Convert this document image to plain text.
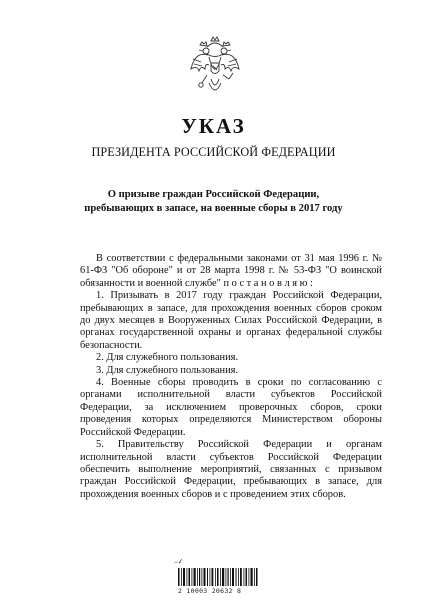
УКАЗ
ПРЕЗИДЕНТА РОССИЙСКОЙ ФЕДЕРАЦИИ
О призыве граждан Российской Федерации,
пребывающих в запасе, на военные сборы в 2017 году

В соответствии с федеральными законами от 31 мая 1996 г. № 61-ФЗ "Об обороне" и от 28 марта 1998 г. № 53-ФЗ "О воинской обязанности и военной службе" п о с т а н о в л я ю :

1. Призывать в 2017 году граждан Российской Федерации, пребывающих в запасе, для прохождения военных сборов сроком до двух месяцев в Вооруженных Силах Российской Федерации, в органах государственной охраны и органах федеральной службы безопасности.

2. Для служебного пользования.

3. Для служебного пользования.

4. Военные сборы проводить в сроки по согласованию с органами исполнительной власти субъектов Российской Федерации, за исключением проверочных сборов, сроки проведения которых определяются Министерством обороны Российской Федерации.

5. Правительству Российской Федерации и органам исполнительной власти субъектов Российской Федерации обеспечить выполнение мероприятий, связанных с призывом граждан Российской Федерации, пребывающих в запасе, для прохождения военных сборов и с проведением этих сборов.

~✓
2 10003 20632 8
